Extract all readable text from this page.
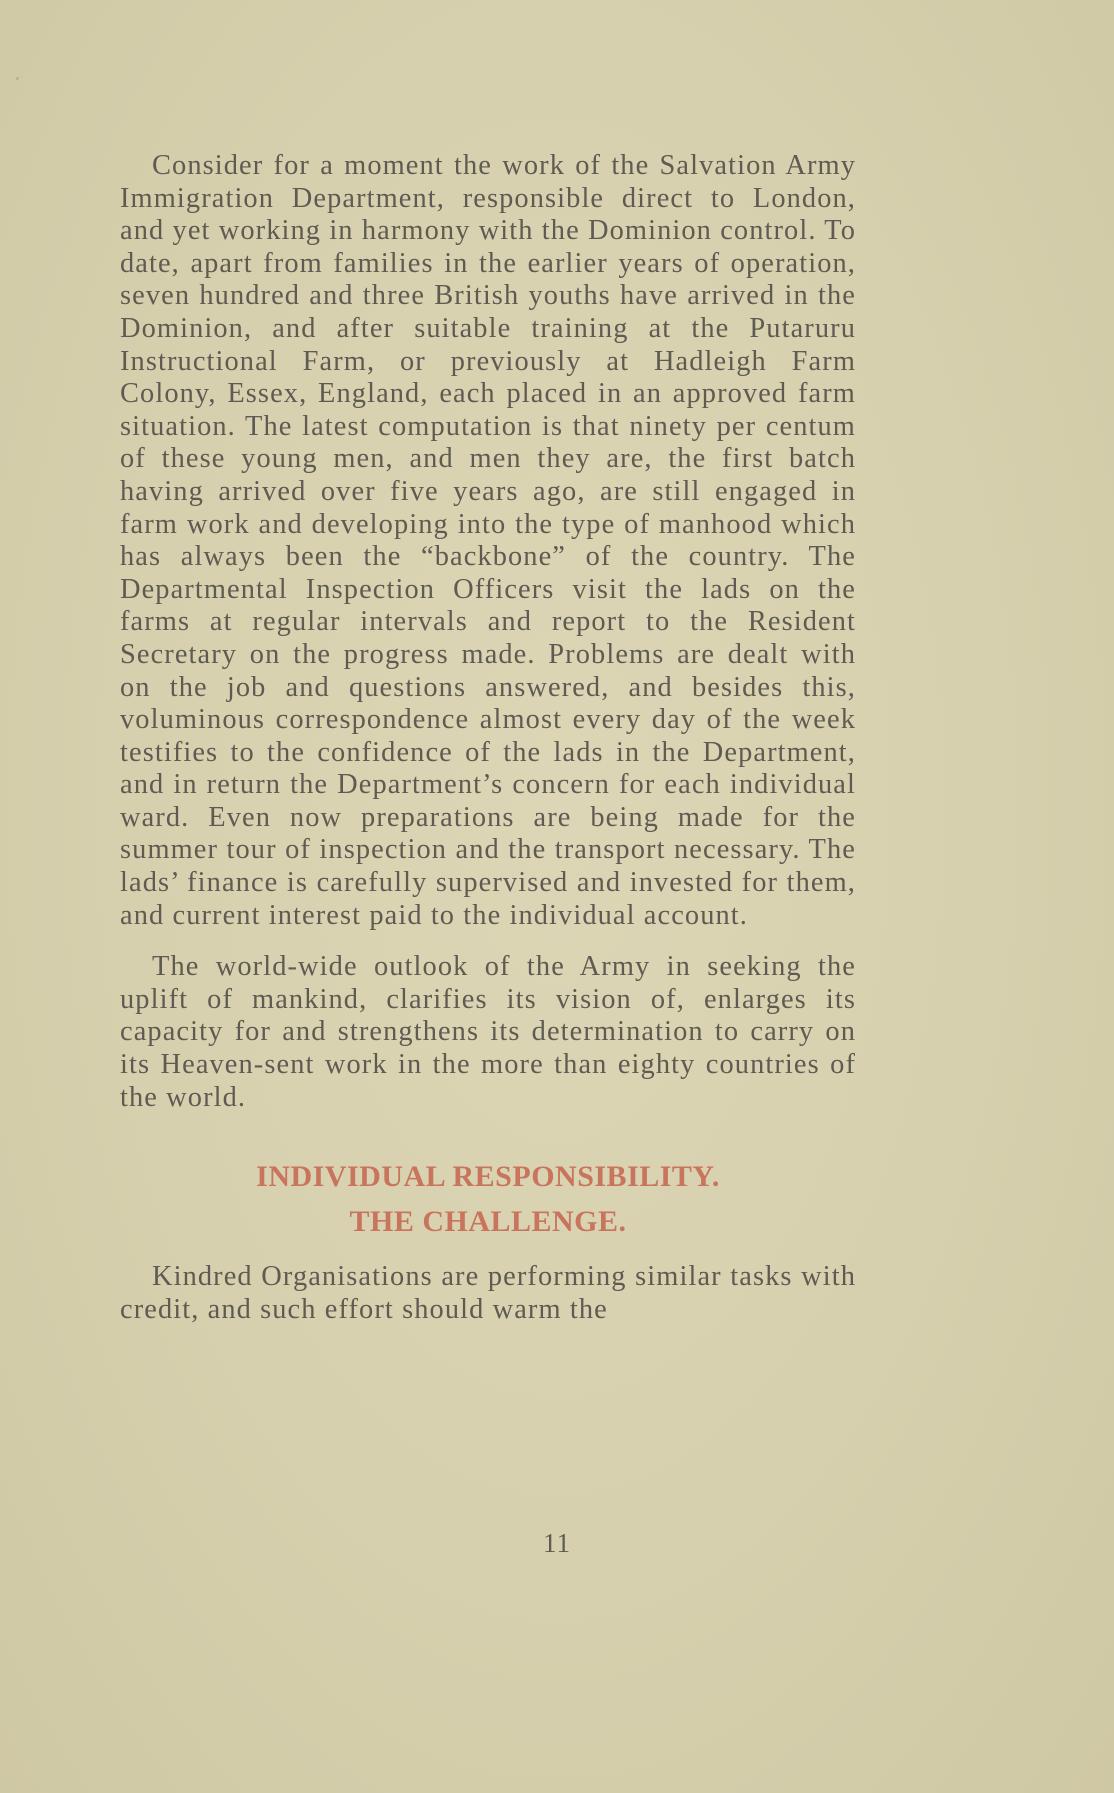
Consider for a moment the work of the Salvation Army Immigration Department, responsible direct to London, and yet working in harmony with the Dominion control. To date, apart from families in the earlier years of operation, seven hundred and three British youths have arrived in the Dominion, and after suitable training at the Putaruru Instructional Farm, or previously at Hadleigh Farm Colony, Essex, England, each placed in an approved farm situation. The latest computation is that ninety per centum of these young men, and men they are, the first batch having arrived over five years ago, are still engaged in farm work and developing into the type of manhood which has always been the “backbone” of the country. The Departmental Inspection Officers visit the lads on the farms at regular intervals and report to the Resident Secretary on the progress made. Problems are dealt with on the job and questions answered, and besides this, voluminous correspondence almost every day of the week testifies to the confidence of the lads in the Department, and in return the Department’s concern for each individual ward. Even now preparations are being made for the summer tour of inspection and the transport necessary. The lads’ finance is carefully supervised and invested for them, and current interest paid to the individual account.

The world-wide outlook of the Army in seeking the uplift of mankind, clarifies its vision of, enlarges its capacity for and strengthens its determination to carry on its Heaven-sent work in the more than eighty countries of the world.

INDIVIDUAL RESPONSIBILITY.
THE CHALLENGE.

Kindred Organisations are performing similar tasks with credit, and such effort should warm the

11
